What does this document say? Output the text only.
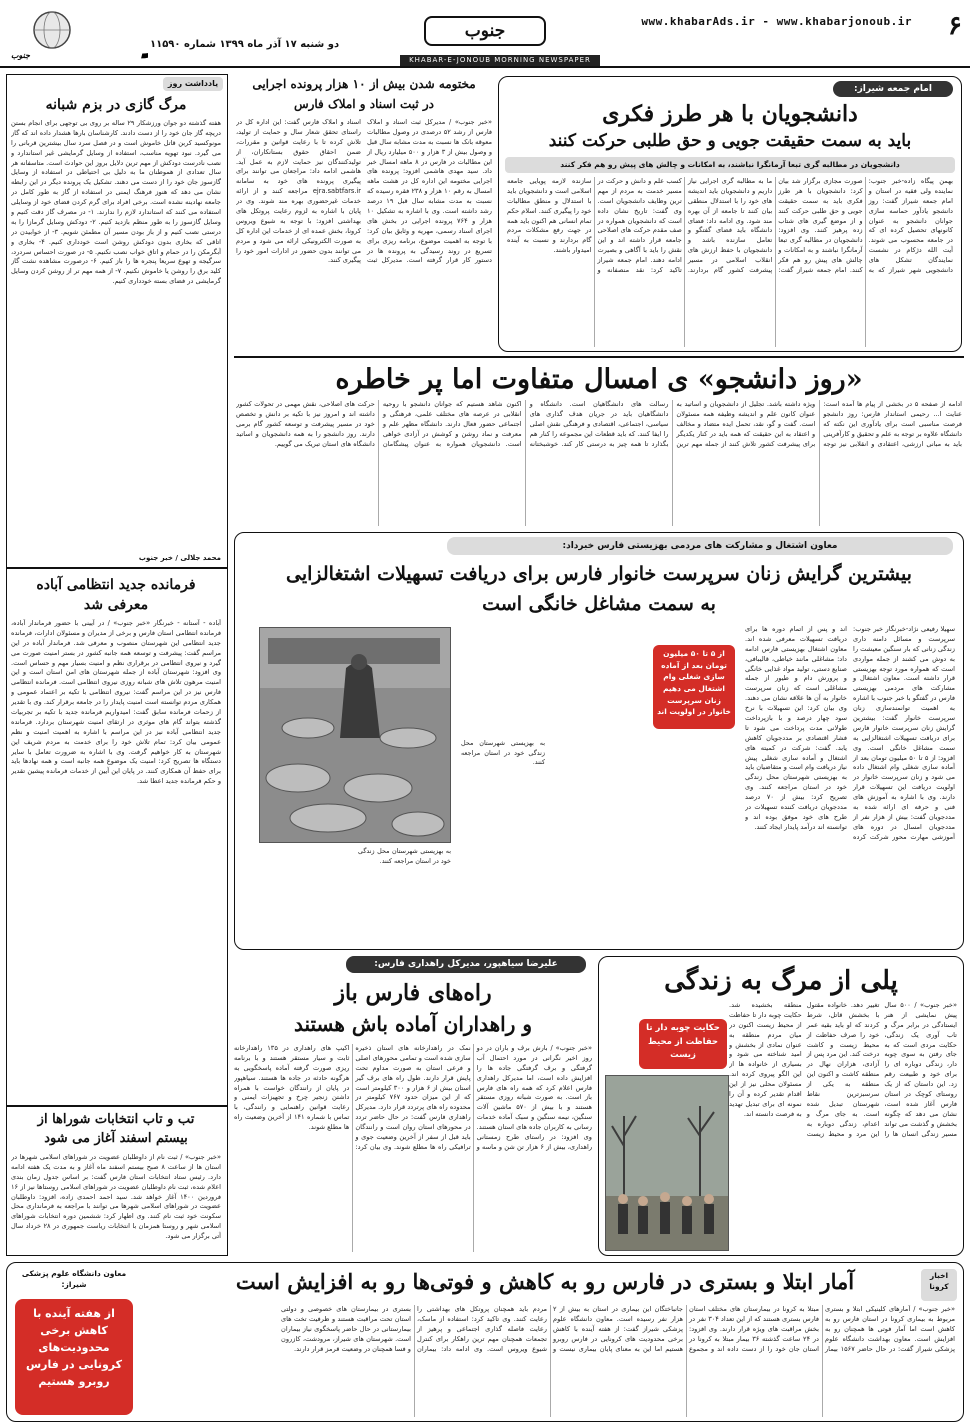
۶
www.khabarAds.ir - www.khabarjonoub.ir
جنوب
دو شنبه ۱۷ آذر ماه ۱۳۹۹ شماره ۱۱۵۹۰
جنوب	KHABAR-E-JONOUB MORNING NEWSPAPER
یادداشت روز
مرگ گازی در بزم شبانه
هفته گذشته دو جوان ورزشکار ۲۹ ساله بر روی بی توجهی برای انجام بستن دریچه گاز جان خود را از دست دادند. کارشناسان بارها هشدار داده اند که گاز مونوکسید کربن قاتل خاموش است و در فصل سرد سال بیشترین قربانی را می گیرد. نبود تهویه مناسب، استفاده از وسایل گرمایشی غیر استاندارد و نصب نادرست دودکش از مهم ترین دلایل بروز این حوادث است. متاسفانه هر سال تعدادی از هموطنان ما به دلیل بی احتیاطی در استفاده از وسایل گازسوز جان خود را از دست می دهند. تشکیل یک پرونده دیگر در این رابطه نشان می دهد که هنوز فرهنگ ایمنی در استفاده از گاز به طور کامل در جامعه نهادینه نشده است. برخی افراد برای گرم کردن فضای خود از وسایلی استفاده می کنند که استاندارد لازم را ندارند. ۱- در مصرف گاز دقت کنیم و وسایل گازسوز را به طور منظم بازدید کنیم. ۲- دودکش وسایل گرمازا را به درستی نصب کنیم و از باز بودن مسیر آن مطمئن شویم. ۳- از خوابیدن در اتاقی که بخاری بدون دودکش روشن است خودداری کنیم. ۴- بخاری و آبگرمکن را در حمام و اتاق خواب نصب نکنیم. ۵- در صورت احساس سردرد، سرگیجه و تهوع سریعا پنجره ها را باز کنیم. ۶- درصورت مشاهده نشت گاز کلید برق را روشن یا خاموش نکنیم. ۷- از همه مهم تر از روشن کردن وسایل گرمایشی در فضای بسته خودداری کنیم.
محمد جلالی / خبر جنوب
فرمانده جدید انتظامی آباده
معرفی شد
آباده - آستانه - خبرنگار «خبر جنوب» / در آیینی با حضور فرماندار آباده، فرمانده انتظامی استان فارس و برخی از مدیران و مسئولان ادارات، فرمانده جدید انتظامی این شهرستان منصوب و معرفی شد. فرماندار آباده در این مراسم گفت: پیشرفت و توسعه همه جانبه کشور در بستر امنیت صورت می گیرد و نیروی انتظامی در برقراری نظم و امنیت بسیار مهم و حساس است. وی افزود: شهرستان آباده از جمله شهرستان های امن استان است و این امنیت مرهون تلاش های شبانه روزی نیروی انتظامی است. فرمانده انتظامی فارس نیز در این مراسم گفت: نیروی انتظامی با تکیه بر اعتماد عمومی و همکاری مردم توانسته است امنیت پایدار را در جامعه برقرار کند. وی با تقدیر از زحمات فرمانده سابق گفت: امیدواریم فرمانده جدید با تکیه بر تجربیات گذشته بتواند گام های موثری در ارتقای امنیت شهرستان بردارد. فرمانده جدید انتظامی آباده نیز در این مراسم با اشاره به اهمیت امنیت و نظم عمومی بیان کرد: تمام تلاش خود را برای خدمت به مردم شریف این شهرستان به کار خواهیم گرفت. وی با اشاره به ضرورت تعامل با سایر دستگاه ها تصریح کرد: امنیت یک موضوع همه جانبه است و همه نهادها باید برای حفظ آن همکاری کنند. در پایان این آیین از خدمات فرمانده پیشین تقدیر و حکم فرمانده جدید اعطا شد.
تب و تاب انتخابات شوراها از
بیستم اسفند آغاز می شود
«خبر جنوب» / ثبت نام از داوطلبان عضویت در شوراهای اسلامی شهرها در استان ها از ساعت ۸ صبح بیستم اسفند ماه آغاز و به مدت یک هفته ادامه دارد. رئیس ستاد انتخابات استان فارس گفت: بر اساس جدول زمان بندی اعلام شده، ثبت نام داوطلبان عضویت در شوراهای اسلامی روستاها نیز از ۱۶ فروردین ۱۴۰۰ آغاز خواهد شد. سید احمد احمدی زاده، افزود: داوطلبان عضویت در شوراهای اسلامی شهرها می توانند با مراجعه به فرمانداری محل سکونت خود ثبت نام کنند. وی اظهار کرد: ششمین دوره انتخابات شوراهای اسلامی شهر و روستا همزمان با انتخابات ریاست جمهوری در ۲۸ خرداد سال آتی برگزار می شود.
امام جمعه شیراز:
دانشجویان با هر طرز فکری
باید به سمت حقیقت جویی و حق طلبی حرکت کنند
دانشجویان در مطالبه گری تبعا آرمانگرا نباشند، به امکانات و چالش های پیش رو هم فکر کنند
بهمن پیگاه زاده-خبر جنوب: نماینده ولی فقیه در استان و امام جمعه شیراز گفت: روز دانشجو یادآور حماسه سازی جوانان دانشجو به عنوان کانونهای تحصیل کرده ای که در جامعه محسوب می شوند. آیت الله دژکام در نشست نمایندگان تشکل های دانشجویی شهر شیراز که به صورت مجازی برگزار شد بیان کرد: دانشجویان با هر طرز فکری باید به سمت حقیقت جویی و حق طلبی حرکت کنند و از موضع گیری های شتاب زده پرهیز کنند. وی افزود: دانشجویان در مطالبه گری تبعا آرمانگرا نباشند و به امکانات و چالش های پیش رو هم فکر کنند. امام جمعه شیراز گفت: ما به مطالبه گری اجرایی نیاز داریم و دانشجویان باید اندیشه های خود را با استدلال منطقی بیان کنند تا جامعه از آن بهره مند شود. وی ادامه داد: فضای دانشگاه باید فضای گفتگو و تعامل سازنده باشد و دانشجویان با حفظ ارزش های انقلاب اسلامی در مسیر پیشرفت کشور گام بردارند. کسب علم و دانش و حرکت در مسیر خدمت به مردم از مهم ترین وظایف دانشجویان است. وی گفت: تاریخ نشان داده است که دانشجویان همواره در صف مقدم حرکت های اصلاحی جامعه قرار داشته اند و این نقش را باید با آگاهی و بصیرت ادامه دهند. امام جمعه شیراز تاکید کرد: نقد منصفانه و سازنده لازمه پویایی جامعه اسلامی است و دانشجویان باید با استدلال و منطق مطالبات خود را پیگیری کنند. اسلام حکم تمام انسانی هم اکنون باید همه در جهت رفع مشکلات مردم گام بردارند و نسبت به آینده امیدوار باشند.
مختومه شدن بیش از ۱۰ هزار پرونده اجرایی
در ثبت اسناد و املاک فارس
«خبر جنوب» / مدیرکل ثبت اسناد و املاک فارس از رشد ۵۲ درصدی در وصول مطالبات معوقه بانک ها نسبت به مدت مشابه سال قبل و وصول بیش از ۳ هزار و ۵۰۰ میلیارد ریال از این مطالبات در فارس در ۸ ماهه امسال خبر داد. سید مهدی هاشمی افزود: پرونده های اجرایی مختومه این اداره کل در هشت ماهه امسال به رقم ۱۰ هزار و ۲۳۸ فقره رسیده که نسبت به مدت مشابه سال قبل ۱۹ درصد رشد داشته است. وی با اشاره به تشکیل ۱۰ هزار و ۷۶۴ پرونده اجرایی در بخش های اجرای اسناد رسمی، مهریه و وثایق بیان کرد: با توجه به اهمیت موضوع، برنامه ریزی برای تسریع در روند رسیدگی به پرونده ها در دستور کار قرار گرفته است. مدیرکل ثبت اسناد و املاک فارس گفت: این اداره کل در راستای تحقق شعار سال و حمایت از تولید، تلاش کرده تا با رعایت قوانین و مقررات، ضمن احقاق حقوق بستانکاران، از تولیدکنندگان نیز حمایت لازم به عمل آید. هاشمی ادامه داد: مراجعان می توانند برای پیگیری پرونده های خود به سامانه ejra.sabtfars.ir مراجعه کنند و از ارائه خدمات غیرحضوری بهره مند شوند. وی در پایان با اشاره به لزوم رعایت پروتکل های بهداشتی افزود: با توجه به شیوع ویروس کرونا، بخش عمده ای از خدمات این اداره کل به صورت الکترونیکی ارائه می شود و مردم می توانند بدون حضور در ادارات امور خود را پیگیری کنند.
«روز دانشجو» ی امسال متفاوت اما پر خاطره
ادامه از صفحه ۵ در بخشی از پیام ها آمده است: عنایت ا... رحیمی استاندار فارس: روز دانشجو فرصت مناسبی است برای یادآوری این نکته که دانشگاه علاوه بر توجه به علم و تحقیق و کارآفرینی باید به مبانی ارزشی، اعتقادی و انقلابی نیز توجه ویژه داشته باشد. تجلیل از دانشجویان و اساتید به عنوان کانون علم و اندیشه وظیفه همه مسئولان است. گفت و گو، نقد، تحمل ایده متضاد و مخالف و اعتقاد به این حقیقت که همه باید در کنار یکدیگر برای پیشرفت کشور تلاش کنند از جمله مهم ترین رسالت های دانشگاهیان است. دانشگاه و دانشگاهیان باید در جریان هدف گذاری های سیاسی، اجتماعی، اقتصادی و فرهنگی نقش اصلی را ایفا کنند. که باید قطعات این مجموعه را کنار هم بگذارد تا همه چیز به درستی کار کند. خوشبختانه اکنون شاهد هستیم که جوانان دانشجو با روحیه انقلابی در عرصه های مختلف علمی، فرهنگی و اجتماعی حضور فعال دارند. دانشگاه مظهر علم و معرفت و نماد روشن و کوشش در آزادی خواهی است. دانشجویان همواره به عنوان پیشگامان حرکت های اصلاحی، نقش مهمی در تحولات کشور داشته اند و امروز نیز با تکیه بر دانش و تخصص خود در مسیر پیشرفت و توسعه کشور گام برمی دارند. روز دانشجو را به همه دانشجویان و اساتید دانشگاه های استان تبریک می گوییم.
معاون اشتغال و مشارکت های مردمی بهزیستی فارس خبرداد:
بیشترین گرایش زنان سرپرست خانوار فارس برای دریافت تسهیلات اشتغالزایی
به سمت مشاغل خانگی است
سهیلا رفیعی نژاد-خبرنگار خبر جنوب: سرپرست و مسائل دامنه داری زندگی زنانی که بار سنگین معیشت را به دوش می کشند از جمله مواردی است که همواره مورد توجه بهزیستی قرار داشته است. معاون اشتغال و مشارکت های مردمی بهزیستی فارس در گفتگو با خبر جنوب با اشاره به اهمیت توانمندسازی زنان سرپرست خانوار گفت: بیشترین گرایش زنان سرپرست خانوار فارس برای دریافت تسهیلات اشتغالزایی به سمت مشاغل خانگی است. وی افزود: از ۵ تا ۵۰ میلیون تومان بعد از آماده سازی شغلی وام اشتغال داده می شود و زنان سرپرست خانوار در اولویت دریافت این تسهیلات قرار دارند. وی با اشاره به آموزش های فنی و حرفه ای ارائه شده به مددجویان گفت: بیش از هزار نفر از مددجویان امسال در دوره های آموزشی مهارت محور شرکت کرده اند و پس از اتمام دوره ها برای دریافت تسهیلات معرفی شده اند. معاون اشتغال بهزیستی فارس ادامه داد: مشاغلی مانند خیاطی، قالیبافی، صنایع دستی، تولید مواد غذایی خانگی و پرورش دام و طیور از جمله مشاغلی است که زنان سرپرست خانوار به آن ها علاقه نشان می دهند. وی بیان کرد: این تسهیلات با نرخ سود چهار درصد و با بازپرداخت طولانی مدت پرداخت می شود تا فشار اقتصادی بر مددجویان کاهش یابد. گفت: شرکت در کمیته های اشتغال و آماده سازی شغلی پیش نیاز دریافت وام است و متقاضیان باید به بهزیستی شهرستان محل زندگی خود در استان مراجعه کنند. وی تصریح کرد: بیش از ۷۰ درصد مددجویان دریافت کننده تسهیلات در طرح های خود موفق بوده اند و توانسته اند درآمد پایدار ایجاد کنند.
از ۵ تا ۵۰ میلیون تومان بعد از آماده سازی شغلی وام اشتغال می دهیم زنان سرپرست خانوار در اولویت اند
به بهزیستی شهرستان محل زندگی خود در استان مراجعه کنند.
به بهزیستی شهرستان محل زندگی خود در استان مراجعه کنند.
علیرضا سیاهپور، مدیرکل راهداری فارس:
راه‌های فارس باز
و راهداران آماده باش هستند
«خبر جنوب» / بارش برف و باران در دو روز اخیر نگرانی در مورد احتمال آب گرفتگی و برف گرفتگی جاده ها را افزایش داده است، اما مدیرکل راهداری فارس اعلام کرد که همه راه های فارس باز است. به صورت شبانه روزی مستقر هستند و با بیش از ۵۷۰ ماشین آلات سنگین، نیمه سنگین و سبک آماده خدمات رسانی به کاربران جاده های استان هستند. وی افزود: در راستای طرح زمستانی راهداری، بیش از ۶ هزار تن شن و ماسه و نمک در راهدارخانه های استان ذخیره سازی شده است و تمامی محورهای اصلی و فرعی استان به صورت مداوم تحت پایش قرار دارند. طول راه های برف گیر استان بیش از ۶ هزار و ۳۰۰ کیلومتر است که از این میزان حدود ۷۶۷ کیلومتر در محدوده راه های پرتردد قرار دارد. مدیرکل راهداری فارس گفت: در حال حاضر تردد در محورهای استان روان است و رانندگان باید قبل از سفر از آخرین وضعیت جوی و ترافیکی راه ها مطلع شوند. وی بیان کرد: اکیپ های راهداری در ۱۳۵ راهدارخانه ثابت و سیار مستقر هستند و با برنامه ریزی صورت گرفته آماده پاسخگویی به هرگونه حادثه در جاده ها هستند. سیاهپور در پایان از رانندگان خواست با همراه داشتن زنجیر چرخ و تجهیزات ایمنی و رعایت قوانین راهنمایی و رانندگی، با تماس با شماره ۱۴۱ از آخرین وضعیت راه ها مطلع شوند.
پلی از مرگ به زندگی
«خبر جنوب» / ۵۰۰ سال پیش نمایشی از هنر ایستادگی در برابر مرگ و تاب آوری یک زندگی، حکایت مردی است که به جای رفتن به سوی چوبه دار، زندگی دوباره ای را برای خود و طبیعت رقم زد. این داستان که از یک روستای کوچک در استان فارس آغاز شده است، نشان می دهد که چگونه بخشش و گذشت می تواند مسیر زندگی انسان ها را تغییر دهد. خانواده مقتول با بخشش قاتل، شرط کردند که او باید بقیه عمر خود را صرف حفاظت از محیط زیست و کاشت درخت کند. این مرد پس از آزادی، هزاران نهال در منطقه کاشت و اکنون این منطقه به یکی از سرسبزترین نقاط شهرستان تبدیل شده است. به جای مرگ و اعدام، زندگی دوباره به این مرد و محیط زیست منطقه بخشیده شد. حکایت چوبه دار تا حفاظت از محیط زیست اکنون در میان مردم منطقه به عنوان نمادی از بخشش و امید شناخته می شود و بسیاری از خانواده ها از این الگو پیروی کرده اند. مسئولان محلی نیز از این اقدام تقدیر کرده و آن را نمونه ای برای تبدیل تهدید به فرصت دانسته اند.
حکایت چوبه دار تا حفاظت از محیط زیست
اخبار کرونا
آمار ابتلا و بستری در فارس رو به کاهش و فوتی‌ها رو به افزایش است
«خبر جنوب» / آمارهای کلینیکی ابتلا و بستری مربوط به بیماری کرونا در استان فارس رو به کاهش است اما آمار فوتی ها همچنان رو به افزایش است. معاون بهداشت دانشگاه علوم پزشکی شیراز گفت: در حال حاضر ۱۵۶۷ بیمار مبتلا به کرونا در بیمارستان های مختلف استان فارس بستری هستند که از این تعداد ۳۰۴ نفر در بخش مراقبت های ویژه قرار دارند. وی افزود: در ۲۴ ساعت گذشته ۳۶ بیمار مبتلا به کرونا در استان جان خود را از دست داده اند و مجموع جانباختگان این بیماری در استان به بیش از ۲ هزار نفر رسیده است. معاون دانشگاه علوم پزشکی شیراز گفت: از هفته آینده با کاهش برخی محدودیت های کرونایی در فارس روبرو هستیم اما این به معنای پایان بیماری نیست و مردم باید همچنان پروتکل های بهداشتی را رعایت کنند. وی تاکید کرد: استفاده از ماسک، رعایت فاصله گذاری اجتماعی و پرهیز از تجمعات همچنان مهم ترین راهکار برای کنترل شیوع ویروس است. وی ادامه داد: بیماران بستری در بیمارستان های خصوصی و دولتی استان تحت مراقبت هستند و ظرفیت تخت های بیمارستانی در حال حاضر پاسخگوی نیاز بیماران است. شهرستان های شیراز، مرودشت، کازرون و فسا همچنان در وضعیت قرمز قرار دارند.
معاون دانشگاه علوم پزشکی شیراز:
از هفته آینده با کاهش برخی محدودیت‌های کرونایی در فارس روبرو هستیم
